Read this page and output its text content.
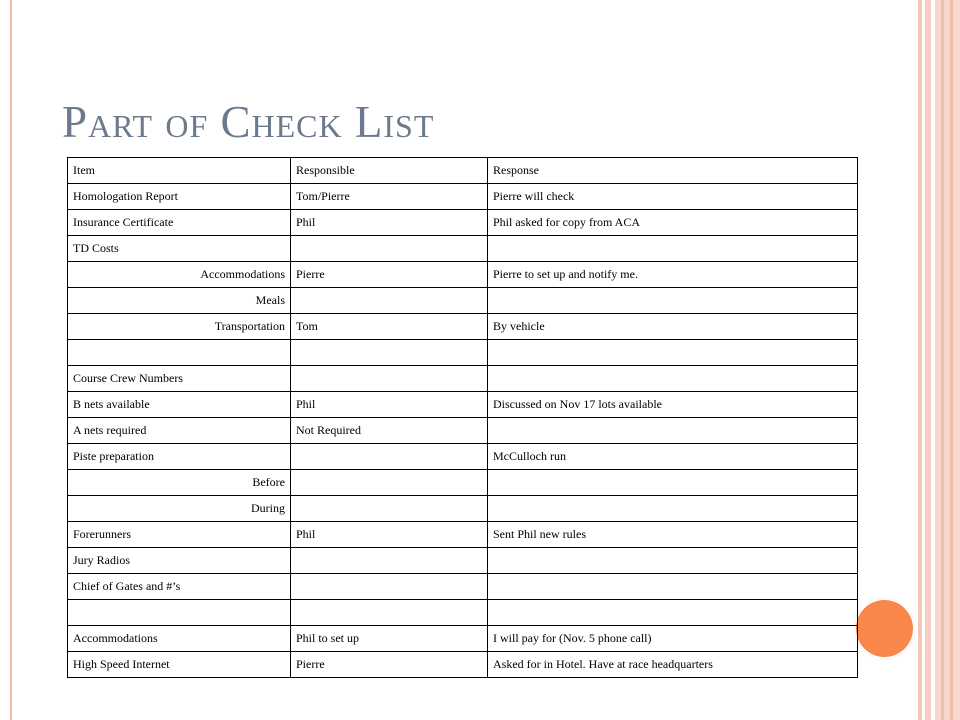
Part of Check List
Item	Responsible	Response
Homologation Report	Tom/Pierre	Pierre will check
Insurance Certificate	Phil	Phil asked for copy from ACA
TD Costs		
Accommodations	Pierre	Pierre to set up and notify me.
Meals		
Transportation	Tom	By vehicle

Course Crew Numbers		
B nets available	Phil	Discussed on Nov 17 lots available
A nets required	Not Required	
Piste preparation		McCulloch run
Before		
During		
Forerunners	Phil	Sent Phil new rules
Jury Radios		
Chief of Gates and #’s		

Accommodations	Phil to set up	I will pay for (Nov. 5 phone call)
High Speed Internet	Pierre	Asked for in Hotel. Have at race headquarters
